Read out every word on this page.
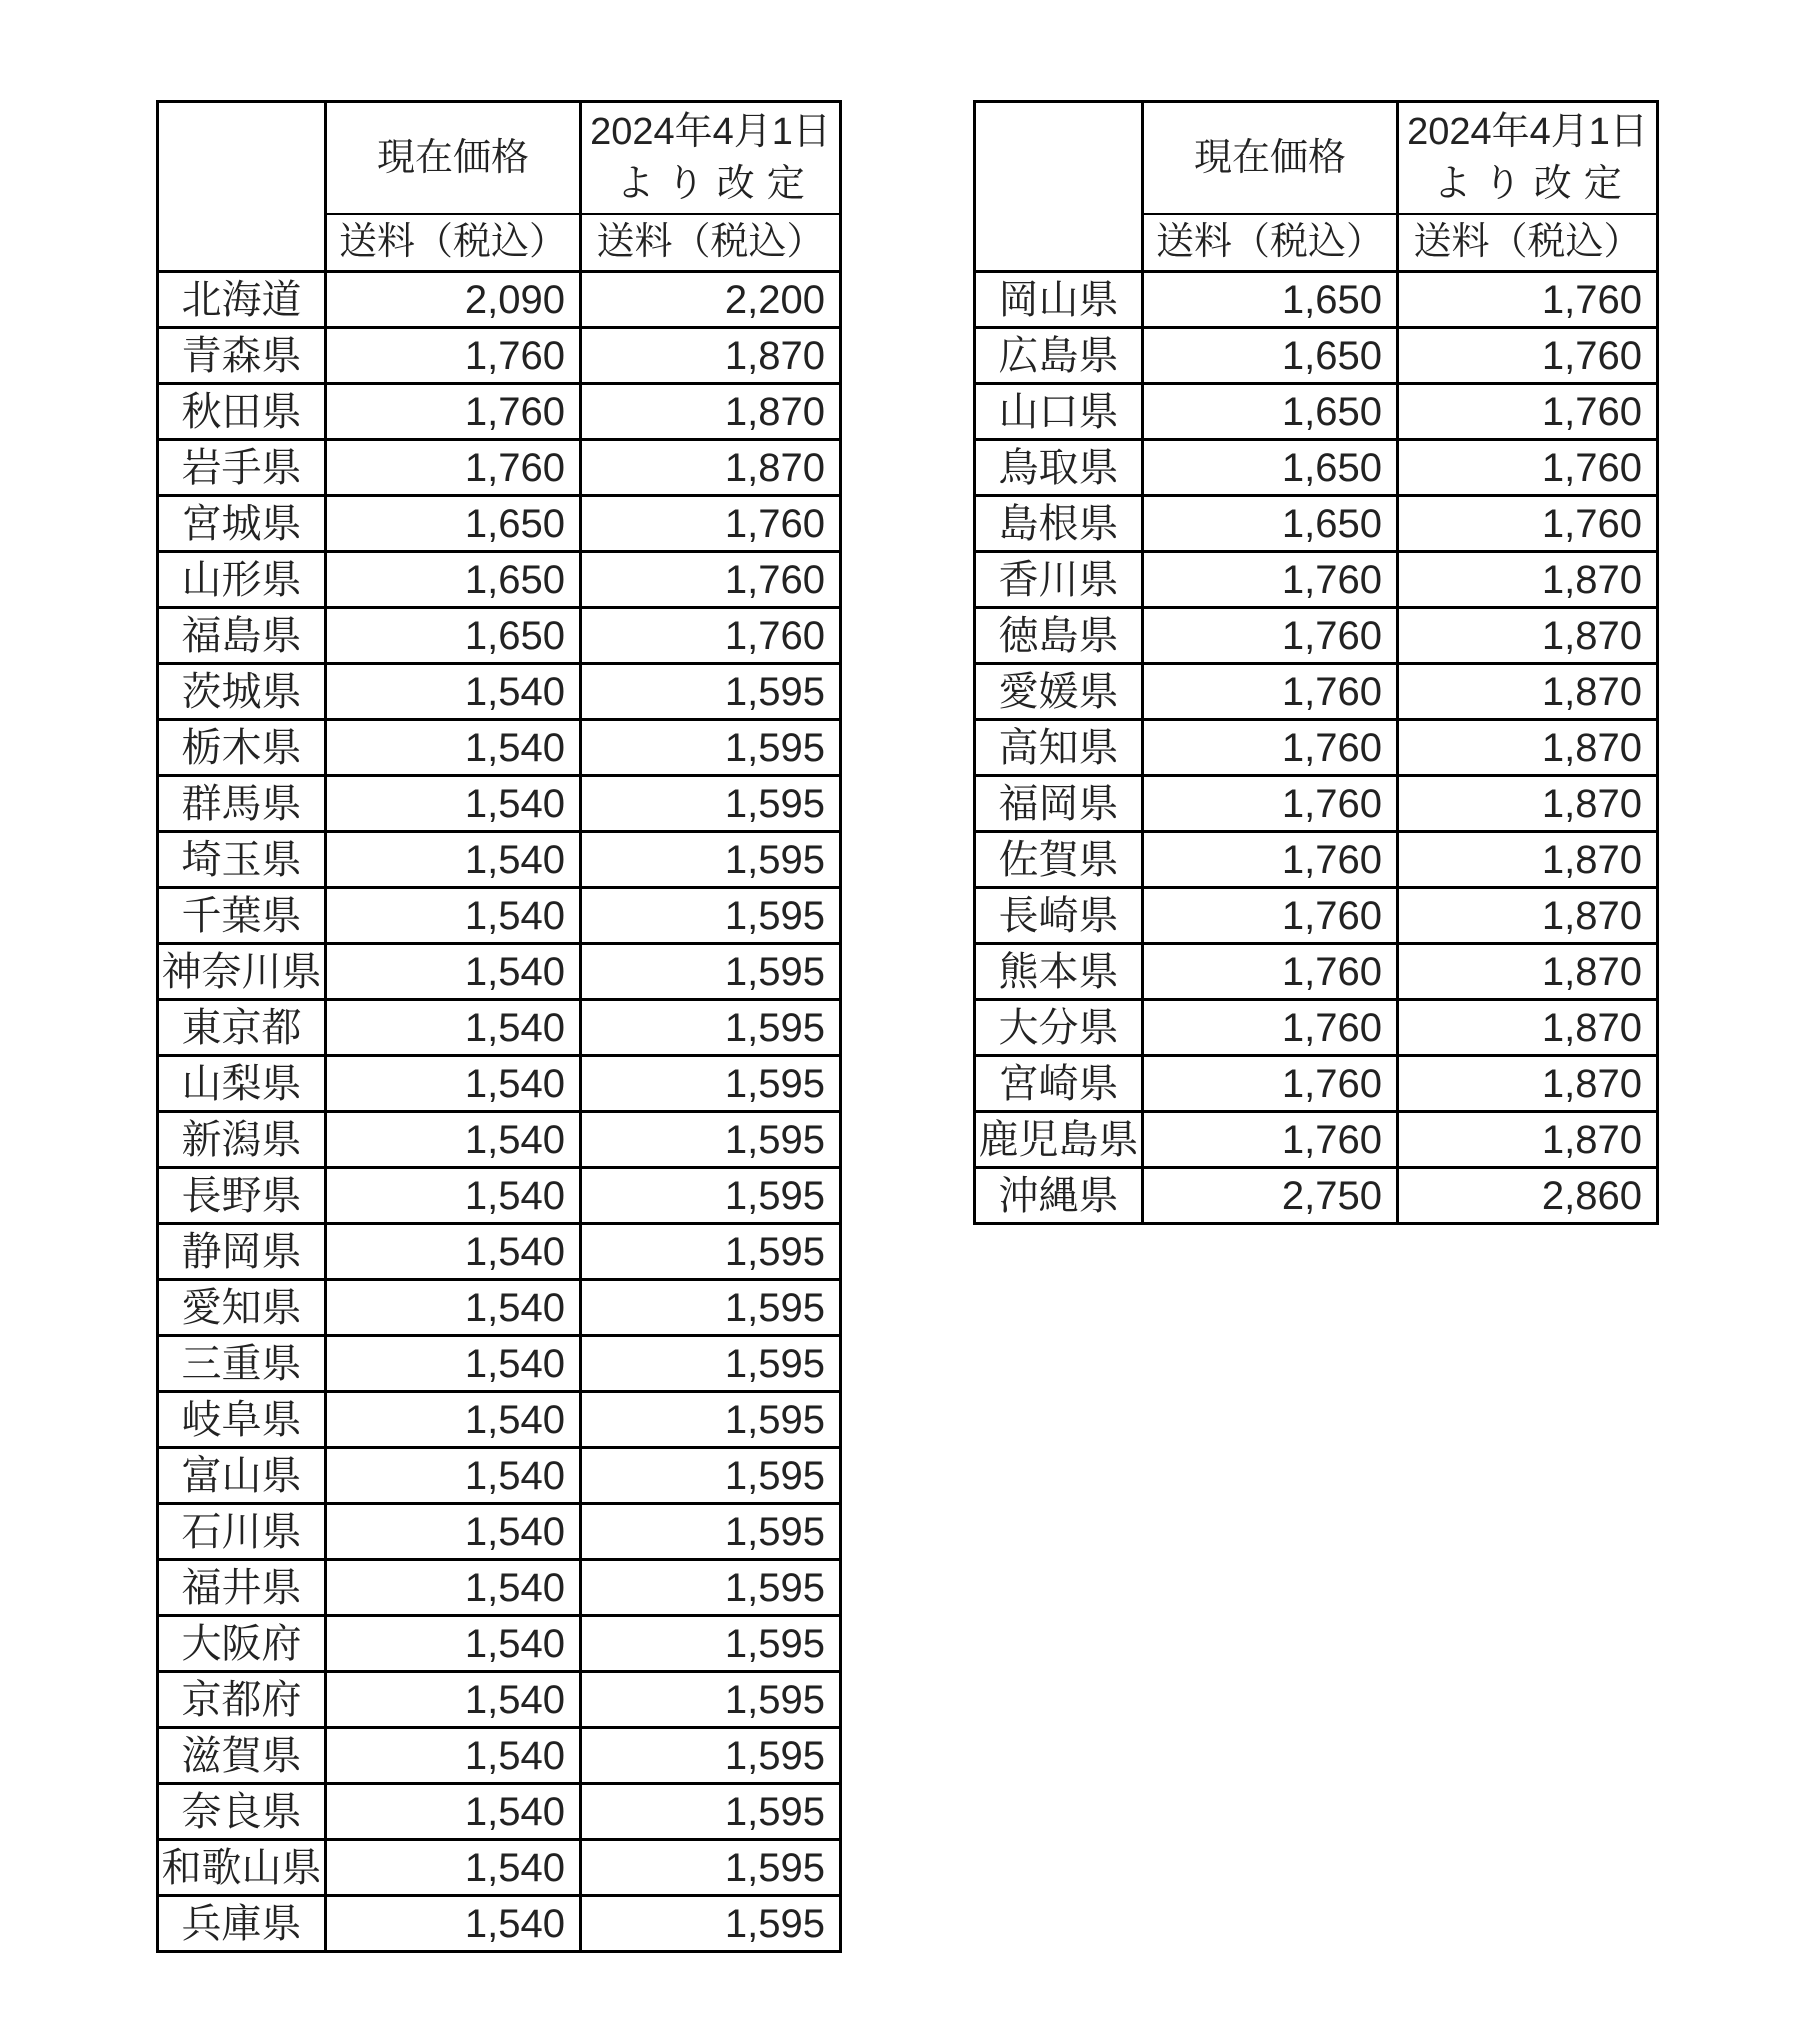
	現在価格	2024年4月1日
より改定

	送料（税込）	送料（税込）
北海道	2,090	2,200
青森県	1,760	1,870
秋田県	1,760	1,870
岩手県	1,760	1,870
宮城県	1,650	1,760
山形県	1,650	1,760
福島県	1,650	1,760
茨城県	1,540	1,595
栃木県	1,540	1,595
群馬県	1,540	1,595
埼玉県	1,540	1,595
千葉県	1,540	1,595
神奈川県	1,540	1,595
東京都	1,540	1,595
山梨県	1,540	1,595
新潟県	1,540	1,595
長野県	1,540	1,595
静岡県	1,540	1,595
愛知県	1,540	1,595
三重県	1,540	1,595
岐阜県	1,540	1,595
富山県	1,540	1,595
石川県	1,540	1,595
福井県	1,540	1,595
大阪府	1,540	1,595
京都府	1,540	1,595
滋賀県	1,540	1,595
奈良県	1,540	1,595
和歌山県	1,540	1,595
兵庫県	1,540	1,595
	現在価格	2024年4月1日
より改定

	送料（税込）	送料（税込）
岡山県	1,650	1,760
広島県	1,650	1,760
山口県	1,650	1,760
鳥取県	1,650	1,760
島根県	1,650	1,760
香川県	1,760	1,870
徳島県	1,760	1,870
愛媛県	1,760	1,870
高知県	1,760	1,870
福岡県	1,760	1,870
佐賀県	1,760	1,870
長崎県	1,760	1,870
熊本県	1,760	1,870
大分県	1,760	1,870
宮崎県	1,760	1,870
鹿児島県	1,760	1,870
沖縄県	2,750	2,860
